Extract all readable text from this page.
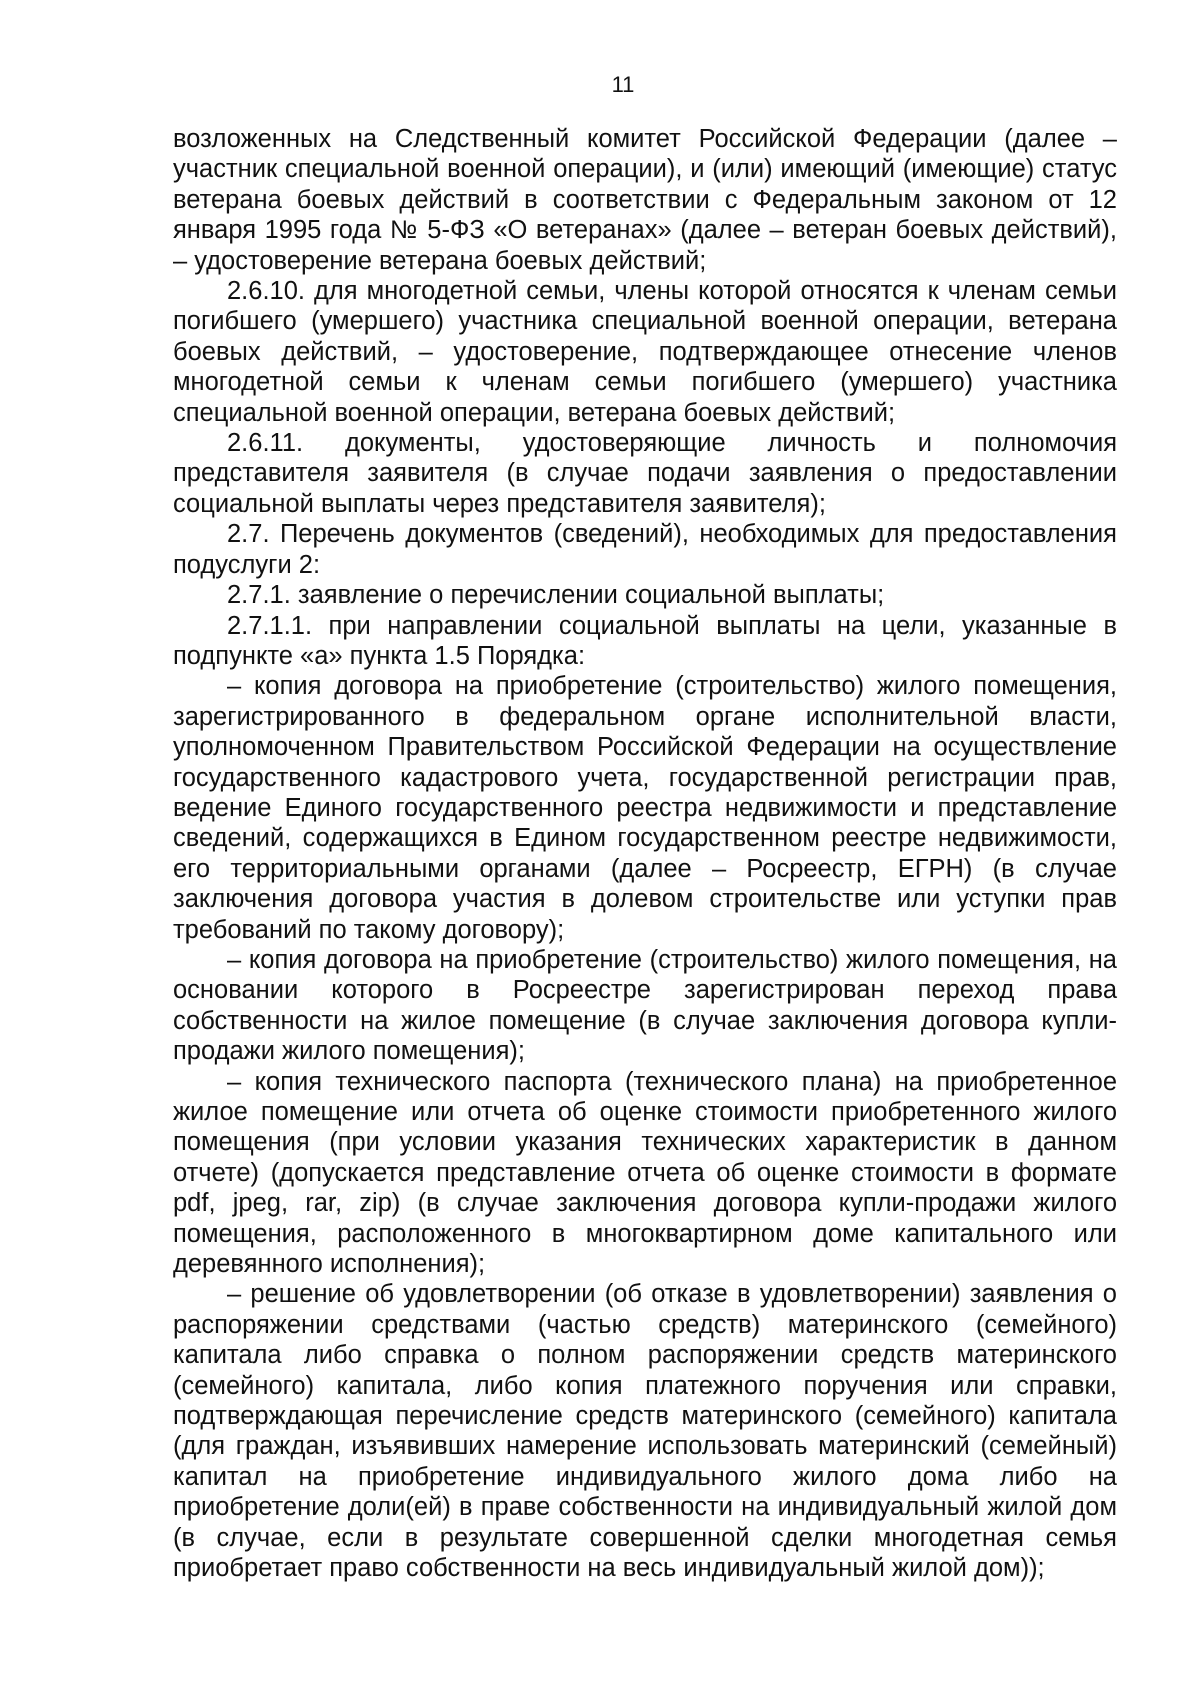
11

возложенных на Следственный комитет Российской Федерации (далее – участник специальной военной операции), и (или) имеющий (имеющие) статус ветерана боевых действий в соответствии с Федеральным законом от 12 января 1995 года № 5-ФЗ «О ветеранах» (далее – ветеран боевых действий), – удостоверение ветерана боевых действий;

2.6.10. для многодетной семьи, члены которой относятся к членам семьи погибшего (умершего) участника специальной военной операции, ветерана боевых действий, – удостоверение, подтверждающее отнесение членов многодетной семьи к членам семьи погибшего (умершего) участника специальной военной операции, ветерана боевых действий;

2.6.11. документы, удостоверяющие личность и полномочия представителя заявителя (в случае подачи заявления о предоставлении социальной выплаты через представителя заявителя);

2.7. Перечень документов (сведений), необходимых для предоставления подуслуги 2:

2.7.1. заявление о перечислении социальной выплаты;

2.7.1.1. при направлении социальной выплаты на цели, указанные в подпункте «а» пункта 1.5 Порядка:

– копия договора на приобретение (строительство) жилого помещения, зарегистрированного в федеральном органе исполнительной власти, уполномоченном Правительством Российской Федерации на осуществление государственного кадастрового учета, государственной регистрации прав, ведение Единого государственного реестра недвижимости и представление сведений, содержащихся в Едином государственном реестре недвижимости, его территориальными органами (далее – Росреестр, ЕГРН) (в случае заключения договора участия в долевом строительстве или уступки прав требований по такому договору);

– копия договора на приобретение (строительство) жилого помещения, на основании которого в Росреестре зарегистрирован переход права собственности на жилое помещение (в случае заключения договора купли-продажи жилого помещения);

– копия технического паспорта (технического плана) на приобретенное жилое помещение или отчета об оценке стоимости приобретенного жилого помещения (при условии указания технических характеристик в данном отчете) (допускается представление отчета об оценке стоимости в формате pdf, jpeg, rar, zip) (в случае заключения договора купли-продажи жилого помещения, расположенного в многоквартирном доме капитального или деревянного исполнения);

– решение об удовлетворении (об отказе в удовлетворении) заявления о распоряжении средствами (частью средств) материнского (семейного) капитала либо справка о полном распоряжении средств материнского (семейного) капитала, либо копия платежного поручения или справки, подтверждающая перечисление средств материнского (семейного) капитала (для граждан, изъявивших намерение использовать материнский (семейный) капитал на приобретение индивидуального жилого дома либо на приобретение доли(ей) в праве собственности на индивидуальный жилой дом (в случае, если в результате совершенной сделки многодетная семья приобретает право собственности на весь индивидуальный жилой дом));
